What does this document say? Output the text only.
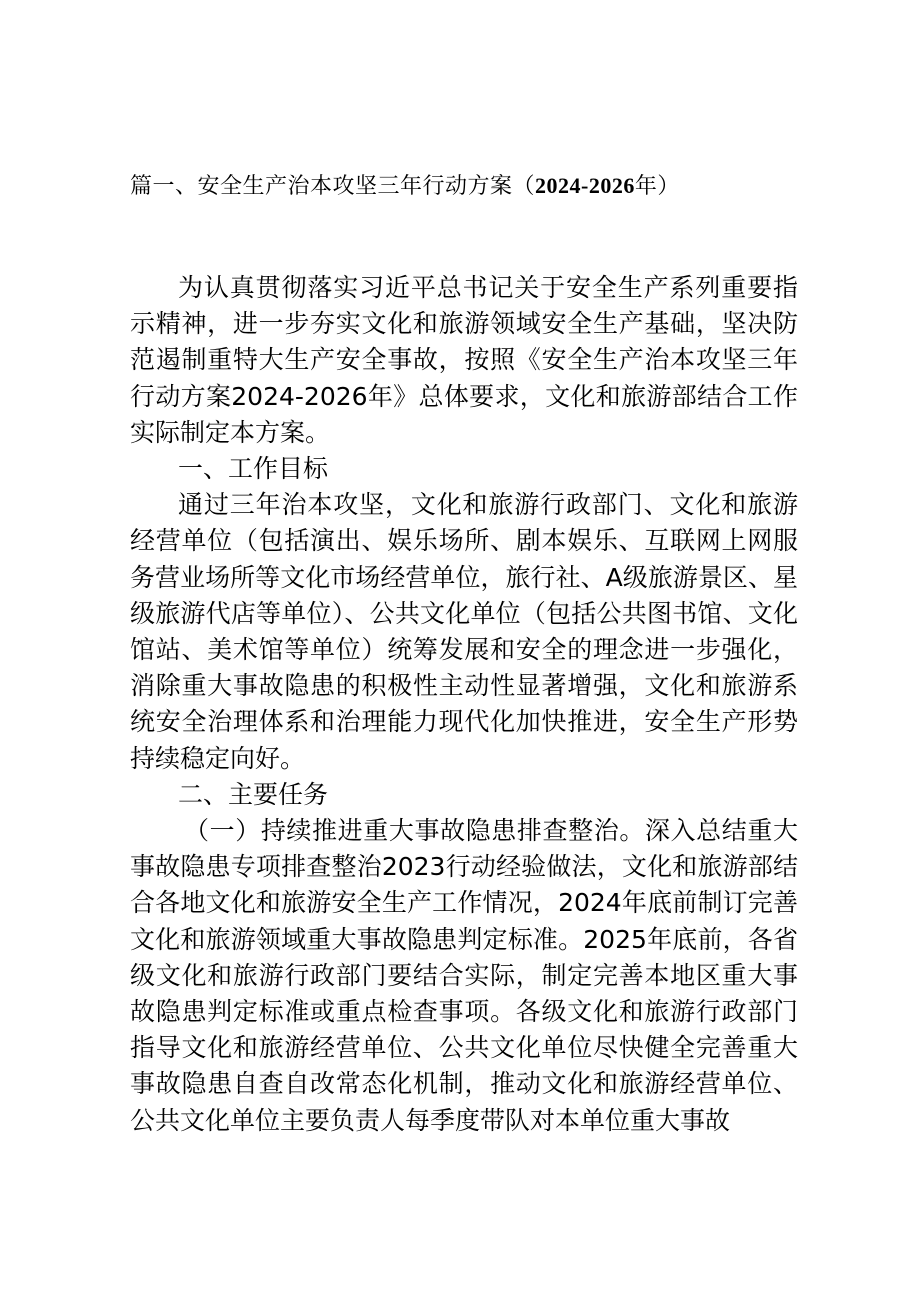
篇一、安全生产治本攻坚三年行动方案（2024-2026年）

为认真贯彻落实习近平总书记关于安全生产系列重要指示精神，进一步夯实文化和旅游领域安全生产基础，坚决防范遏制重特大生产安全事故，按照《安全生产治本攻坚三年行动方案2024-2026年》总体要求，文化和旅游部结合工作实际制定本方案。

一、工作目标

通过三年治本攻坚，文化和旅游行政部门、文化和旅游经营单位（包括演出、娱乐场所、剧本娱乐、互联网上网服务营业场所等文化市场经营单位，旅行社、A级旅游景区、星级旅游代店等单位）、公共文化单位（包括公共图书馆、文化馆站、美术馆等单位）统筹发展和安全的理念进一步强化，消除重大事故隐患的积极性主动性显著增强，文化和旅游系统安全治理体系和治理能力现代化加快推进，安全生产形势持续稳定向好。

二、主要任务

（一）持续推进重大事故隐患排查整治。深入总结重大事故隐患专项排查整治2023行动经验做法，文化和旅游部结合各地文化和旅游安全生产工作情况，2024年底前制订完善文化和旅游领域重大事故隐患判定标准。2025年底前，各省级文化和旅游行政部门要结合实际，制定完善本地区重大事故隐患判定标准或重点检查事项。各级文化和旅游行政部门指导文化和旅游经营单位、公共文化单位尽快健全完善重大事故隐患自查自改常态化机制，推动文化和旅游经营单位、公共文化单位主要负责人每季度带队对本单位重大事故
